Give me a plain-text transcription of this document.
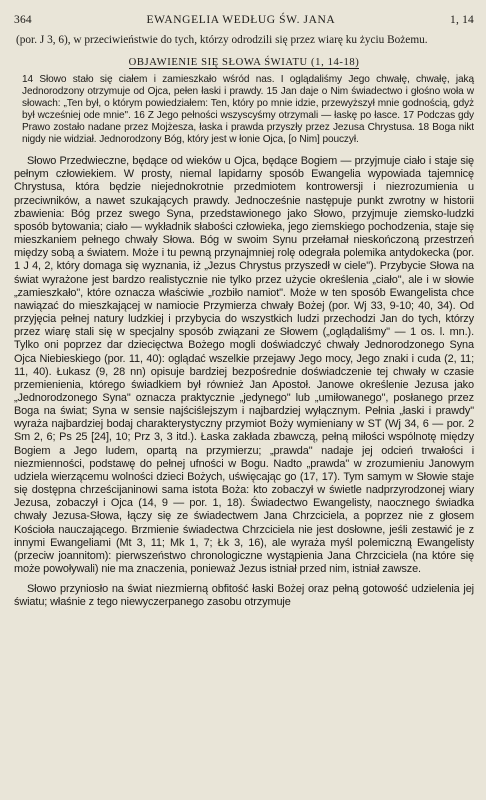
364	EWANGELIA WEDŁUG ŚW. JANA	1, 14

(por. J 3, 6), w przeciwieństwie do tych, którzy odrodzili się przez wiarę ku życiu Bożemu.

OBJAWIENIE SIĘ SŁOWA ŚWIATU (1, 14-18)

14 Słowo stało się ciałem i zamieszkało wśród nas. I oglądaliśmy Jego chwałę, chwałę, jaką Jednorodzony otrzymuje od Ojca, pełen łaski i prawdy. 15 Jan daje o Nim świadectwo i głośno woła w słowach: „Ten był, o którym powiedziałem: Ten, który po mnie idzie, przewyższył mnie godnością, gdyż był wcześniej ode mnie". 16 Z Jego pełności wszyscyśmy otrzymali — łaskę po łasce. 17 Podczas gdy Prawo zostało nadane przez Mojżesza, łaska i prawda przyszły przez Jezusa Chrystusa. 18 Boga nikt nigdy nie widział. Jednorodzony Bóg, który jest w łonie Ojca, [o Nim] pouczył.

Słowo Przedwieczne, będące od wieków u Ojca, będące Bogiem — przyjmuje ciało i staje się pełnym człowiekiem. W prosty, niemal lapidarny sposób Ewangelia wypowiada tajemnicę Chrystusa, która będzie niejednokrotnie przedmiotem kontrowersji i niezrozumienia u przeciwników, a nawet szukających prawdy. Jednocześnie następuje punkt zwrotny w historii zbawienia: Bóg przez swego Syna, przedstawionego jako Słowo, przyjmuje ziemsko-ludzki sposób bytowania; ciało — wykładnik słabości człowieka, jego ziemskiego pochodzenia, staje się mieszkaniem pełnego chwały Słowa. Bóg w swoim Synu przełamał nieskończoną przestrzeń między sobą a światem. Może i tu pewną przynajmniej rolę odegrała polemika antydokecka (por. 1 J 4, 2, który domaga się wyznania, iż „Jezus Chrystus przyszedł w ciele"). Przybycie Słowa na świat wyrażone jest bardzo realistycznie nie tylko przez użycie określenia „ciało", ale i w słowie „zamieszkało", które oznacza właściwie „rozbiło namiot". Może w ten sposób Ewangelista chce nawiązać do mieszkającej w namiocie Przymierza chwały Bożej (por. Wj 33, 9-10; 40, 34). Od przyjęcia pełnej natury ludzkiej i przybycia do wszystkich ludzi przechodzi Jan do tych, którzy przez wiarę stali się w specjalny sposób związani ze Słowem („oglądaliśmy" — 1 os. l. mn.). Tylko oni poprzez dar dziecięctwa Bożego mogli doświadczyć chwały Jednorodzonego Syna Ojca Niebieskiego (por. 11, 40): oglądać wszelkie przejawy Jego mocy, Jego znaki i cuda (2, 11; 11, 40). Łukasz (9, 28 nn) opisuje bardziej bezpośrednie doświadczenie tej chwały w czasie przemienienia, którego świadkiem był również Jan Apostoł. Janowe określenie Jezusa jako „Jednorodzonego Syna" oznacza praktycznie „jedynego" lub „umiłowanego", posłanego przez Boga na świat; Syna w sensie najściślejszym i najbardziej wyłącznym. Pełnia „łaski i prawdy" wyraża najbardziej bodaj charakterystyczny przymiot Boży wymieniany w ST (Wj 34, 6 — por. 2 Sm 2, 6; Ps 25 [24], 10; Prz 3, 3 itd.). Łaska zakłada zbawczą, pełną miłości wspólnotę między Bogiem a Jego ludem, opartą na przymierzu; „prawda" nadaje jej odcień trwałości i niezmienności, podstawę do pełnej ufności w Bogu. Nadto „prawda" w zrozumieniu Janowym udziela wierzącemu wolności dzieci Bożych, uświęcając go (17, 17). Tym samym w Słowie staje się dostępna chrześcijaninowi sama istota Boża: kto zobaczył w świetle nadprzyrodzonej wiary Jezusa, zobaczył i Ojca (14, 9 — por. 1, 18). Świadectwo Ewangelisty, naocznego świadka chwały Jezusa-Słowa, łączy się ze świadectwem Jana Chrzciciela, a poprzez nie z głosem Kościoła nauczającego. Brzmienie świadectwa Chrzciciela nie jest dosłowne, jeśli zestawić je z innymi Ewangeliami (Mt 3, 11; Mk 1, 7; Łk 3, 16), ale wyraża myśl polemiczną Ewangelisty (przeciw joannitom): pierwszeństwo chronologiczne wystąpienia Jana Chrzciciela (na które się może powoływali) nie ma znaczenia, ponieważ Jezus istniał przed nim, istniał zawsze.

Słowo przyniosło na świat niezmierną obfitość łaski Bożej oraz pełną gotowość udzielenia jej światu; właśnie z tego niewyczerpanego zasobu otrzymuje
